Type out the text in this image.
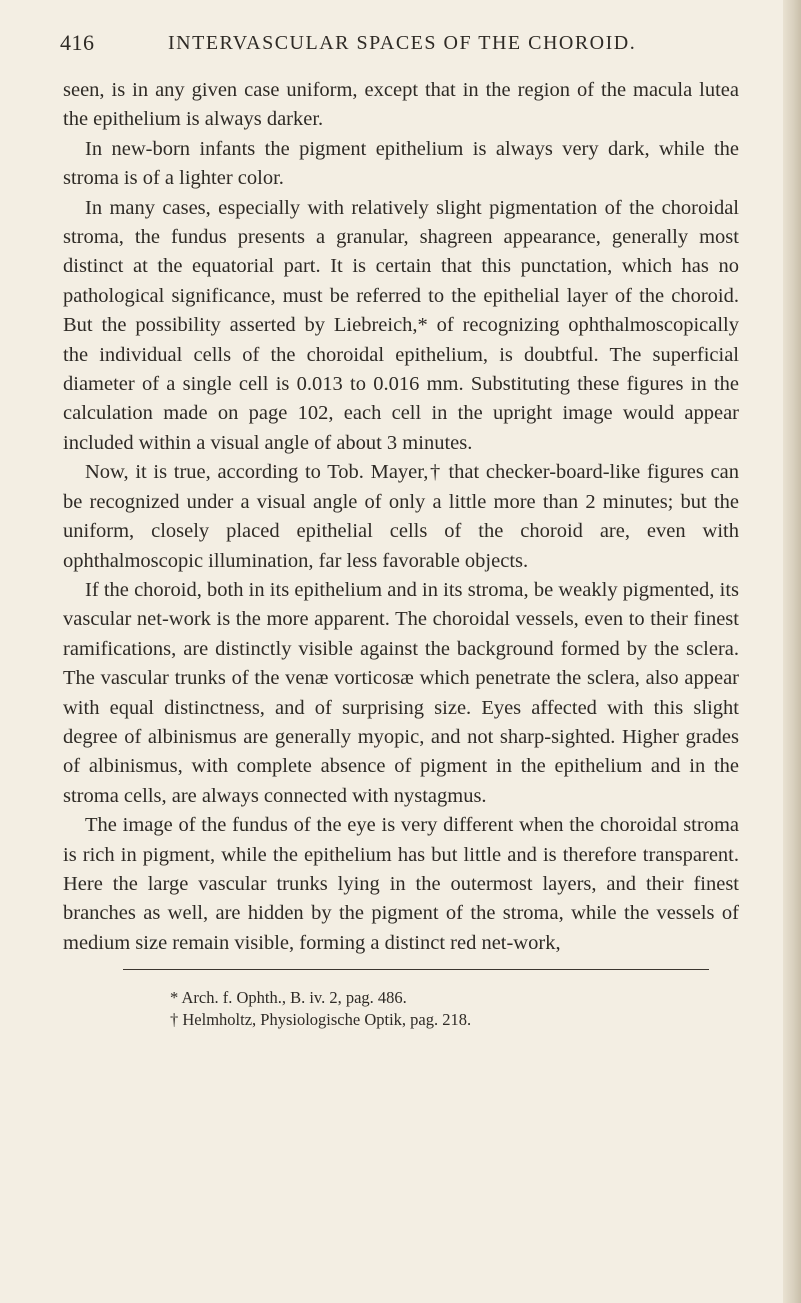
416	INTERVASCULAR SPACES OF THE CHOROID.

seen, is in any given case uniform, except that in the region of the macula lutea the epithelium is always darker.

In new-born infants the pigment epithelium is always very dark, while the stroma is of a lighter color.

In many cases, especially with relatively slight pigmentation of the choroidal stroma, the fundus presents a granular, shagreen appearance, generally most distinct at the equatorial part. It is certain that this punctation, which has no pathological significance, must be referred to the epithelial layer of the choroid. But the possibility asserted by Liebreich,* of recognizing ophthalmoscopically the individual cells of the choroidal epithelium, is doubtful. The superficial diameter of a single cell is 0.013 to 0.016 mm. Substituting these figures in the calculation made on page 102, each cell in the upright image would appear included within a visual angle of about 3 minutes.

Now, it is true, according to Tob. Mayer,† that checker-board-like figures can be recognized under a visual angle of only a little more than 2 minutes; but the uniform, closely placed epithelial cells of the choroid are, even with ophthalmoscopic illumination, far less favorable objects.

If the choroid, both in its epithelium and in its stroma, be weakly pigmented, its vascular net-work is the more apparent. The choroidal vessels, even to their finest ramifications, are distinctly visible against the background formed by the sclera. The vascular trunks of the venæ vorticosæ which penetrate the sclera, also appear with equal distinctness, and of surprising size. Eyes affected with this slight degree of albinismus are generally myopic, and not sharp-sighted. Higher grades of albinismus, with complete absence of pigment in the epithelium and in the stroma cells, are always connected with nystagmus.

The image of the fundus of the eye is very different when the choroidal stroma is rich in pigment, while the epithelium has but little and is therefore transparent. Here the large vascular trunks lying in the outermost layers, and their finest branches as well, are hidden by the pigment of the stroma, while the vessels of medium size remain visible, forming a distinct red net-work,

* Arch. f. Ophth., B. iv. 2, pag. 486.
† Helmholtz, Physiologische Optik, pag. 218.
